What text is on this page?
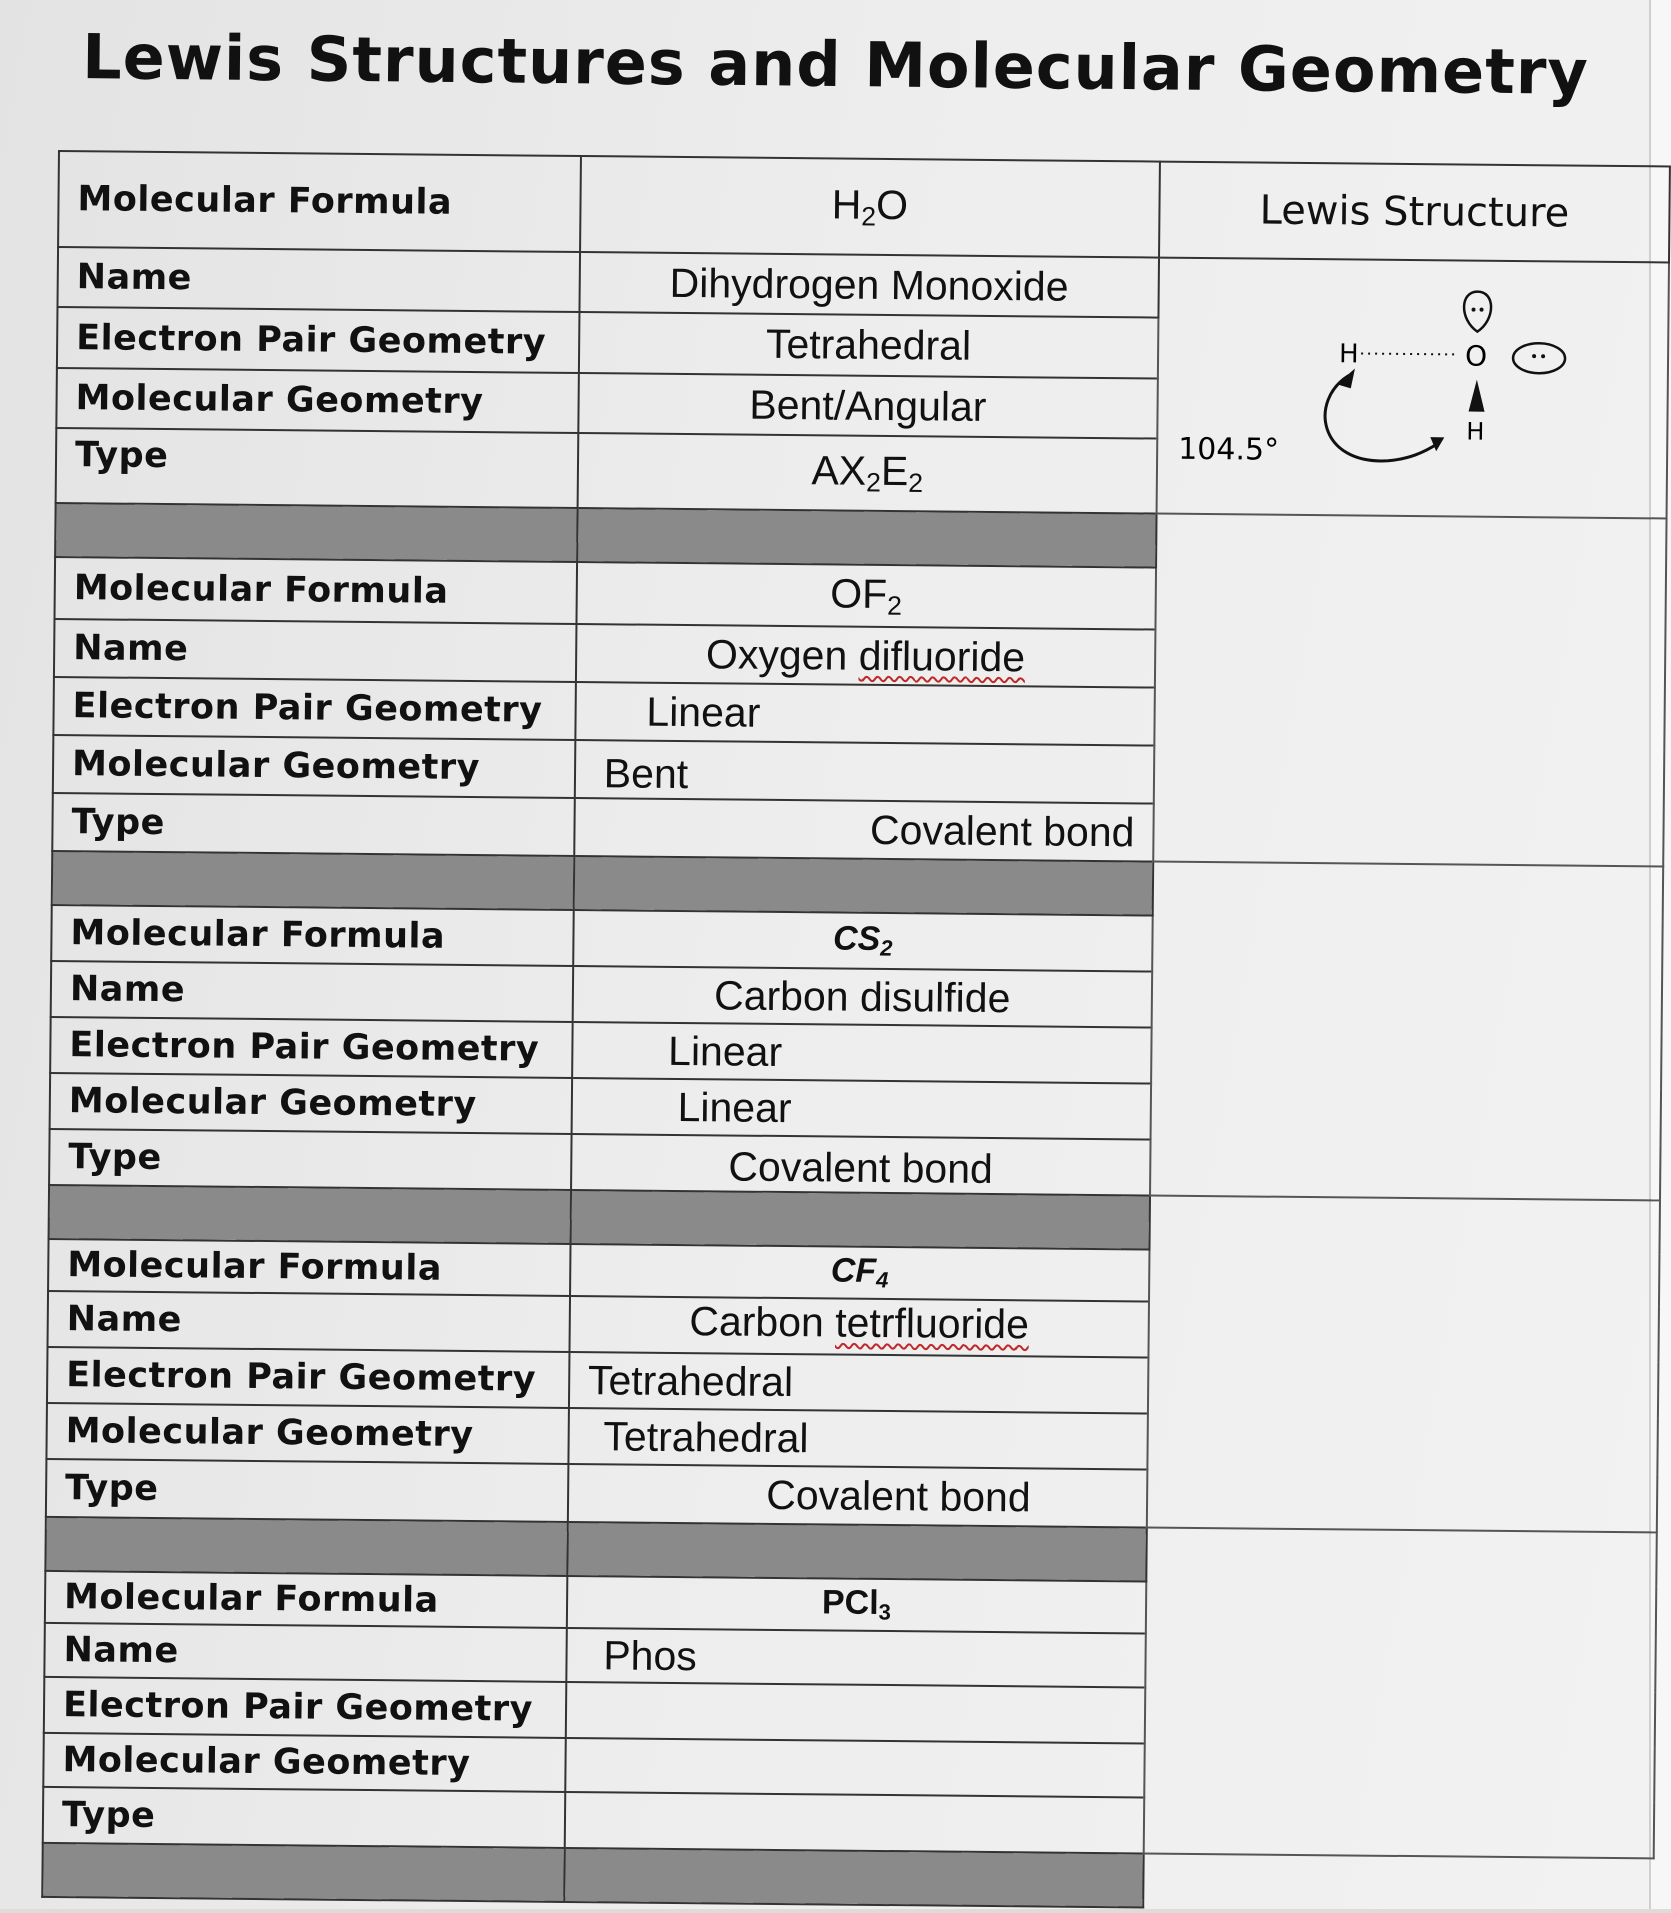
Lewis Structures and Molecular Geometry
Molecular Formula	$H_2O$	Lewis Structure
Name	Dihydrogen Monoxide	H O
H
104.5°

Electron Pair Geometry	Tetrahedral	
Molecular Geometry	Bent/Angular	
Type	$AX_2E_2$

Molecular Formula	$OF_2$
Name	Oxygen difluoride	
Electron Pair Geometry	Linear	
Molecular Geometry	Bent	
Type	Covalent bond	

Molecular Formula	$CS_2$
Name	Carbon disulfide	
Electron Pair Geometry	Linear	
Molecular Geometry	Linear	
Type	Covalent bond	

Molecular Formula	$CF_4$
Name	Carbon tetrfluoride	
Electron Pair Geometry	Tetrahedral	
Molecular Geometry	Tetrahedral	
Type	Covalent bond	

Molecular Formula	PCl$_3$
Name	Phos	
Electron Pair Geometry		
Molecular Geometry		
Type		
